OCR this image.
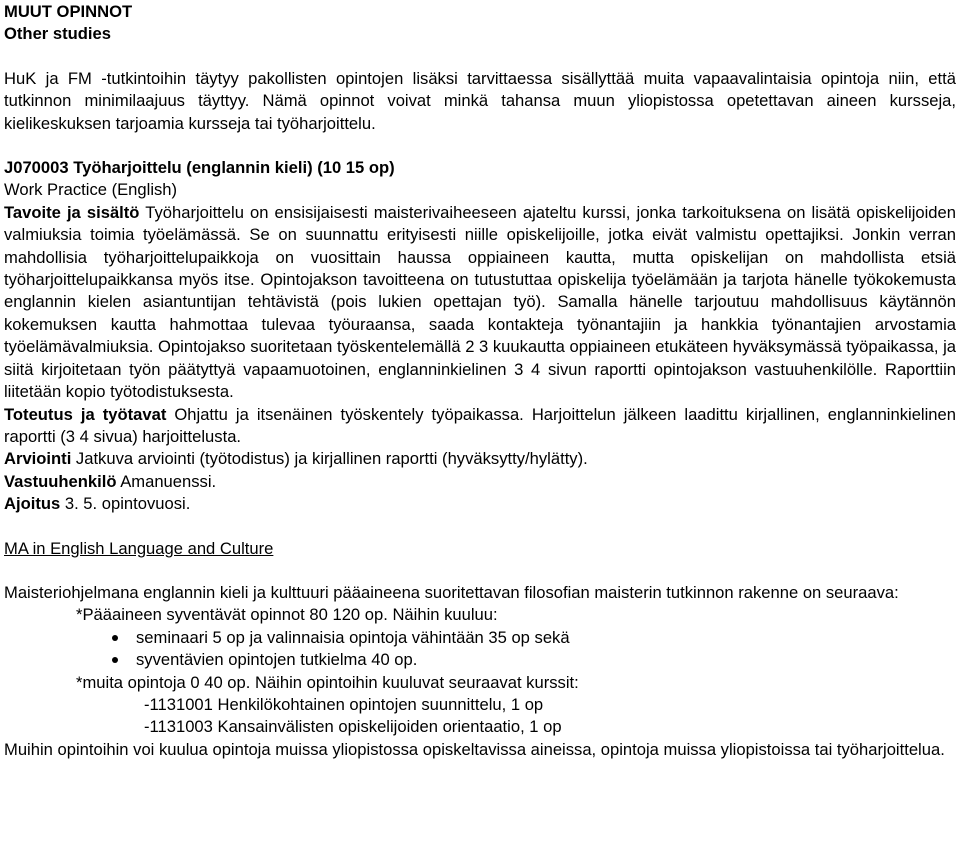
MUUT OPINNOT
Other studies

HuK ja FM -tutkintoihin täytyy pakollisten opintojen lisäksi tarvittaessa sisällyttää muita vapaavalintaisia opintoja niin, että tutkinnon minimilaajuus täyttyy. Nämä opinnot voivat minkä tahansa muun yliopistossa opetettavan aineen kursseja, kielikeskuksen tarjoamia kursseja tai työharjoittelu.

J070003 Työharjoittelu (englannin kieli) (10 15 op)
Work Practice (English)

Tavoite ja sisältö Työharjoittelu on ensisijaisesti maisterivaiheeseen ajateltu kurssi, jonka tarkoituksena on lisätä opiskelijoiden valmiuksia toimia työelämässä. Se on suunnattu erityisesti niille opiskelijoille, jotka eivät valmistu opettajiksi. Jonkin verran mahdollisia työharjoittelupaikkoja on vuosittain haussa oppiaineen kautta, mutta opiskelijan on mahdollista etsiä työharjoittelupaikkansa myös itse. Opintojakson tavoitteena on tutustuttaa opiskelija työelämään ja tarjota hänelle työkokemusta englannin kielen asiantuntijan tehtävistä (pois lukien opettajan työ). Samalla hänelle tarjoutuu mahdollisuus käytännön kokemuksen kautta hahmottaa tulevaa työuraansa, saada kontakteja työnantajiin ja hankkia työnantajien arvostamia työelämävalmiuksia. Opintojakso suoritetaan työskentelemällä 2 3 kuukautta oppiaineen etukäteen hyväksymässä työpaikassa, ja siitä kirjoitetaan työn päätyttyä vapaamuotoinen, englanninkielinen 3 4 sivun raportti opintojakson vastuuhenkilölle. Raporttiin liitetään kopio työtodistuksesta.

Toteutus ja työtavat Ohjattu ja itsenäinen työskentely työpaikassa. Harjoittelun jälkeen laadittu kirjallinen, englanninkielinen raportti (3 4 sivua) harjoittelusta.

Arviointi Jatkuva arviointi (työtodistus) ja kirjallinen raportti (hyväksytty/hylätty).

Vastuuhenkilö Amanuenssi.

Ajoitus 3. 5. opintovuosi.

MA in English Language and Culture

Maisteriohjelmana englannin kieli ja kulttuuri pääaineena suoritettavan filosofian maisterin tutkinnon rakenne on seuraava:

*Pääaineen syventävät opinnot 80 120 op. Näihin kuuluu:

seminaari 5 op ja valinnaisia opintoja vähintään 35 op sekä
syventävien opintojen tutkielma 40 op.

*muita opintoja 0 40 op. Näihin opintoihin kuuluvat seuraavat kurssit:

-1131001 Henkilökohtainen opintojen suunnittelu, 1 op

-1131003 Kansainvälisten opiskelijoiden orientaatio, 1 op

Muihin opintoihin voi kuulua opintoja muissa yliopistossa opiskeltavissa aineissa, opintoja muissa yliopistoissa tai työharjoittelua.
